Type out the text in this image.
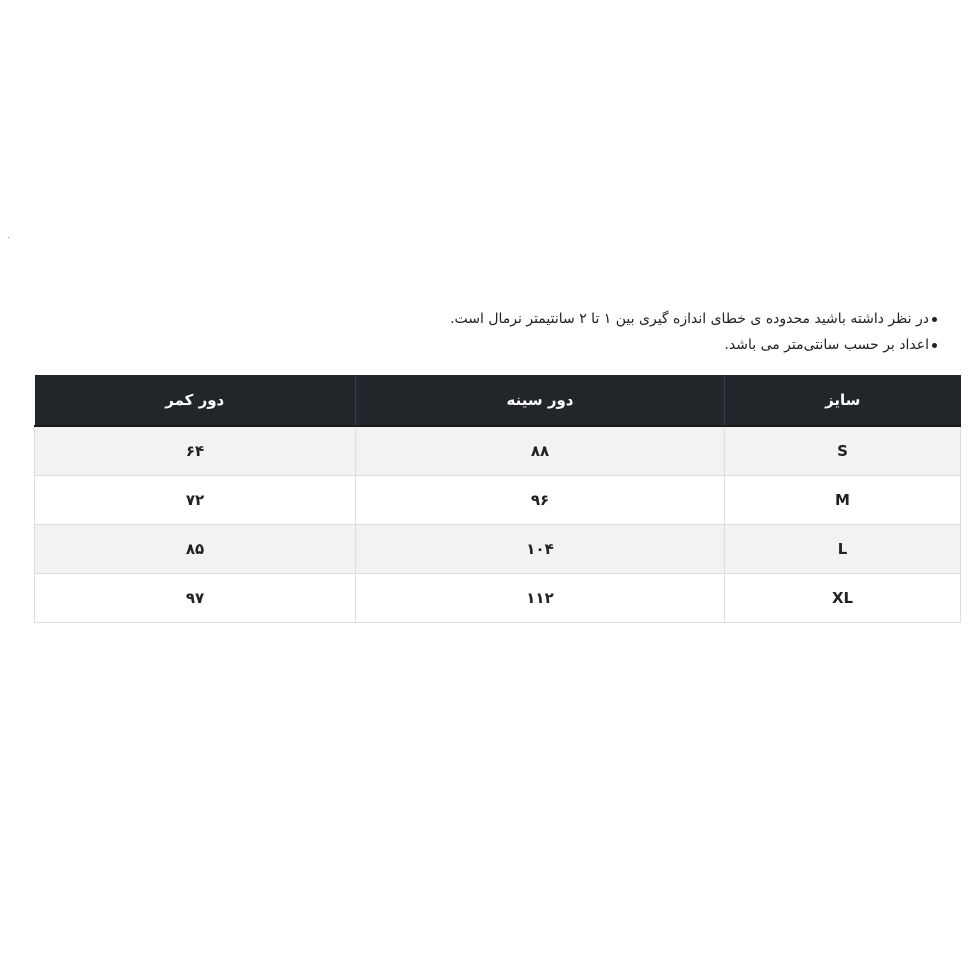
در نظر داشته باشید محدوده ی خطای اندازه گیری بین ۱ تا ۲ سانتیمتر نرمال است.
اعداد بر حسب سانتی‌متر می باشد.
سایز	دور سینه	دور کمر
S	۸۸	۶۴
M	۹۶	۷۲
L	۱۰۴	۸۵
XL	۱۱۲	۹۷
